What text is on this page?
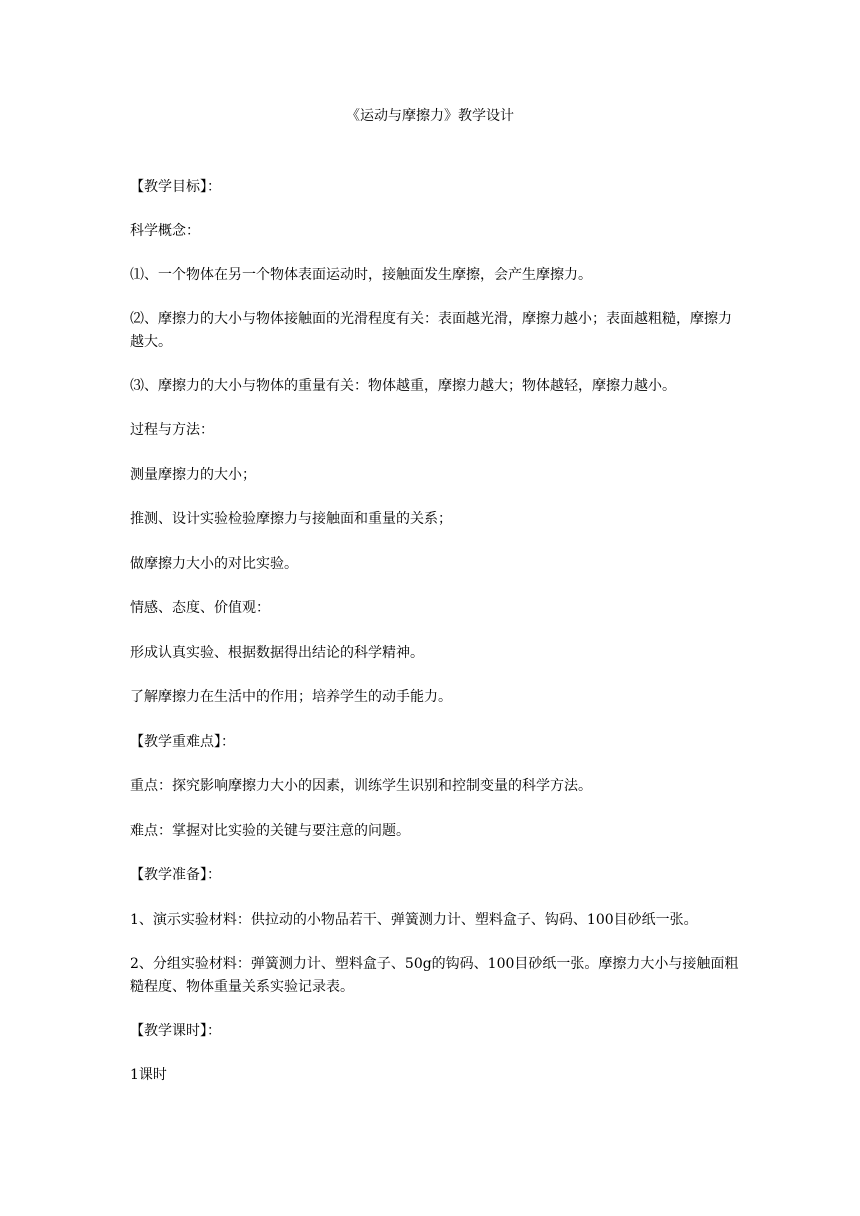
《运动与摩擦力》教学设计
【教学目标】：
科学概念：
⑴、一个物体在另一个物体表面运动时，接触面发生摩擦，会产生摩擦力。
⑵、摩擦力的大小与物体接触面的光滑程度有关：表面越光滑，摩擦力越小；表面越粗糙，摩擦力越大。
⑶、摩擦力的大小与物体的重量有关：物体越重，摩擦力越大；物体越轻，摩擦力越小。
过程与方法：
测量摩擦力的大小；
推测、设计实验检验摩擦力与接触面和重量的关系；
做摩擦力大小的对比实验。
情感、态度、价值观：
形成认真实验、根据数据得出结论的科学精神。
了解摩擦力在生活中的作用；培养学生的动手能力。
【教学重难点】：
重点：探究影响摩擦力大小的因素，训练学生识别和控制变量的科学方法。
难点：掌握对比实验的关键与要注意的问题。
【教学准备】：
1、演示实验材料：供拉动的小物品若干、弹簧测力计、塑料盒子、钩码、100目砂纸一张。
2、分组实验材料：弹簧测力计、塑料盒子、50g的钩码、100目砂纸一张。摩擦力大小与接触面粗糙程度、物体重量关系实验记录表。
【教学课时】：
1课时
